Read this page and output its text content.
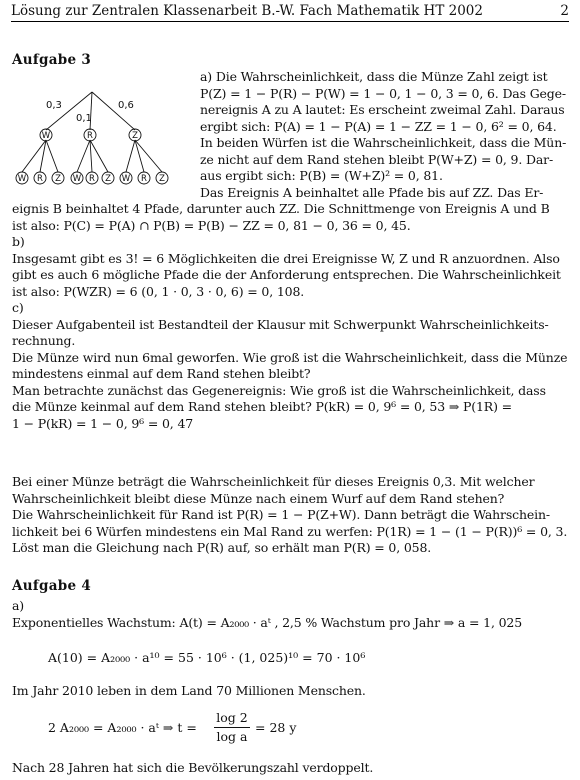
Lösung zur Zentralen Klassenarbeit B.-W. Fach Mathematik HT 2002	2
Aufgabe 3
0,3
0,1
0,6
W	R	Z
W R Z W R Z W R Z

a) Die Wahrscheinlichkeit, dass die Münze Zahl zeigt ist

P(Z) = 1 − P(R) − P(W) = 1 − 0, 1 − 0, 3 = 0, 6. Das Gege-

nereignis A zu A lautet: Es erscheint zweimal Zahl. Daraus

ergibt sich: P(A) = 1 − P(A) = 1 − ZZ = 1 − 0, 6² = 0, 64.

In beiden Würfen ist die Wahrscheinlichkeit, dass die Mün-

ze nicht auf dem Rand stehen bleibt P(W+Z) = 0, 9. Dar-

aus ergibt sich: P(B) = (W+Z)² = 0, 81.

Das Ereignis A beinhaltet alle Pfade bis auf ZZ. Das Er-

eignis B beinhaltet 4 Pfade, darunter auch ZZ. Die Schnittmenge von Ereignis A und B

ist also: P(C) = P(A) ∩ P(B) = P(B) − ZZ = 0, 81 − 0, 36 = 0, 45.

b)

Insgesamt gibt es 3! = 6 Möglichkeiten die drei Ereignisse W, Z und R anzuordnen. Also

gibt es auch 6 mögliche Pfade die der Anforderung entsprechen. Die Wahrscheinlichkeit

ist also: P(WZR) = 6 (0, 1 · 0, 3 · 0, 6) = 0, 108.

c)

Dieser Aufgabenteil ist Bestandteil der Klausur mit Schwerpunkt Wahrscheinlichkeits-

rechnung.

Die Münze wird nun 6mal geworfen. Wie groß ist die Wahrscheinlichkeit, dass die Münze

mindestens einmal auf dem Rand stehen bleibt?

Man betrachte zunächst das Gegenereignis: Wie groß ist die Wahrscheinlichkeit, dass

die Münze keinmal auf dem Rand stehen bleibt? P(kR) = 0, 9⁶ = 0, 53 ⇒ P(1R) =

1 − P(kR) = 1 − 0, 9⁶ = 0, 47

Bei einer Münze beträgt die Wahrscheinlichkeit für dieses Ereignis 0,3. Mit welcher

Wahrscheinlichkeit bleibt diese Münze nach einem Wurf auf dem Rand stehen?

Die Wahrscheinlichkeit für Rand ist P(R) = 1 − P(Z+W). Dann beträgt die Wahrschein-

lichkeit bei 6 Würfen mindestens ein Mal Rand zu werfen: P(1R) = 1 − (1 − P(R))⁶ = 0, 3.

Löst man die Gleichung nach P(R) auf, so erhält man P(R) = 0, 058.

Aufgabe 4

a)

Exponentielles Wachstum: A(t) = A₂₀₀₀ · aᵗ , 2,5 % Wachstum pro Jahr ⇒ a = 1, 025

A(10) = A₂₀₀₀ · a¹⁰ = 55 · 10⁶ · (1, 025)¹⁰ = 70 · 10⁶

Im Jahr 2010 leben in dem Land 70 Millionen Menschen.

2 A₂₀₀₀ = A₂₀₀₀ · aᵗ ⇒ t =
log 2
log a
= 28 y

Nach 28 Jahren hat sich die Bevölkerungszahl verdoppelt.
